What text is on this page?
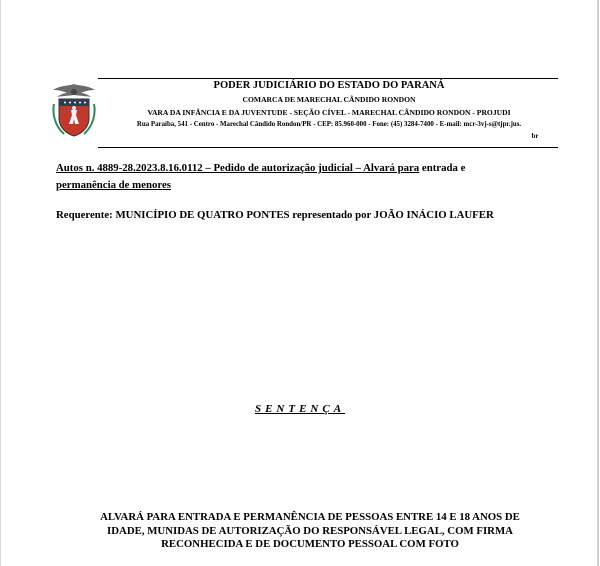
PODER JUDICIÁRIO DO ESTADO DO PARANÁ
COMARCA DE MARECHAL CÂNDIDO RONDON
VARA DA INFÂNCIA E DA JUVENTUDE - SEÇÃO CÍVEL - MARECHAL CÂNDIDO RONDON - PROJUDI
Rua Paraíba, 541 - Centro - Marechal Cândido Rondon/PR - CEP: 85.960-000 - Fone: (45) 3284-7400 - E-mail: mcr-3vj-s@tjpr.jus.
br
Autos n. 4889-28.2023.8.16.0112 – Pedido de autorização judicial – Alvará para entrada e
permanência de menores
Requerente: MUNICÍPIO DE QUATRO PONTES representado por JOÃO INÁCIO LAUFER
SENTENÇA
ALVARÁ PARA ENTRADA E PERMANÊNCIA DE PESSOAS ENTRE 14 E 18 ANOS DE
IDADE, MUNIDAS DE AUTORIZAÇÃO DO RESPONSÁVEL LEGAL, COM FIRMA
RECONHECIDA E DE DOCUMENTO PESSOAL COM FOTO
